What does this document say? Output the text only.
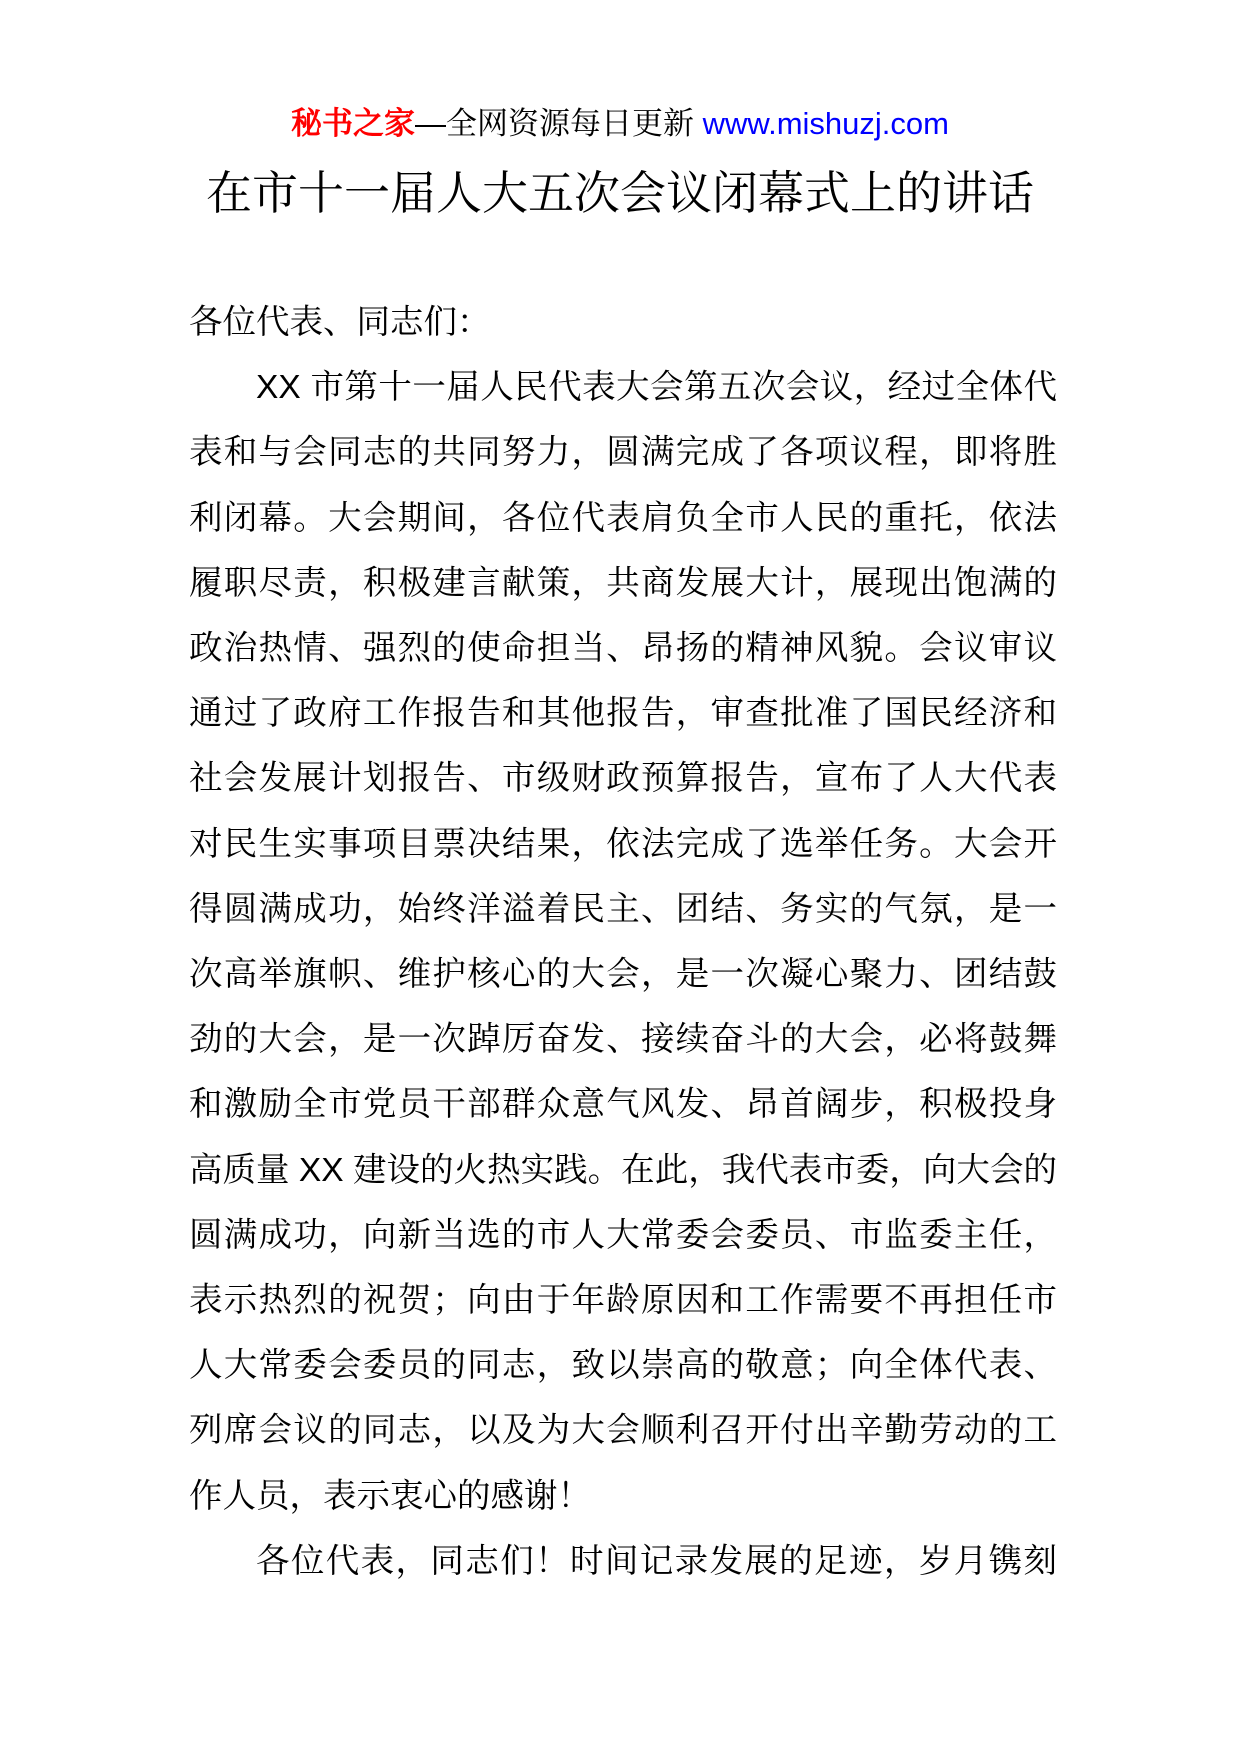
秘书之家—全网资源每日更新 www.mishuzj.com
在市十一届人大五次会议闭幕式上的讲话
各位代表、同志们：
XX 市第十一届人民代表大会第五次会议，经过全体代
表和与会同志的共同努力，圆满完成了各项议程，即将胜
利闭幕。大会期间，各位代表肩负全市人民的重托，依法
履职尽责，积极建言献策，共商发展大计，展现出饱满的
政治热情、强烈的使命担当、昂扬的精神风貌。会议审议
通过了政府工作报告和其他报告，审查批准了国民经济和
社会发展计划报告、市级财政预算报告，宣布了人大代表
对民生实事项目票决结果，依法完成了选举任务。大会开
得圆满成功，始终洋溢着民主、团结、务实的气氛，是一
次高举旗帜、维护核心的大会，是一次凝心聚力、团结鼓
劲的大会，是一次踔厉奋发、接续奋斗的大会，必将鼓舞
和激励全市党员干部群众意气风发、昂首阔步，积极投身
高质量 XX 建设的火热实践。在此，我代表市委，向大会的
圆满成功，向新当选的市人大常委会委员、市监委主任，
表示热烈的祝贺；向由于年龄原因和工作需要不再担任市
人大常委会委员的同志，致以崇高的敬意；向全体代表、
列席会议的同志，以及为大会顺利召开付出辛勤劳动的工
作人员，表示衷心的感谢！
各位代表，同志们！时间记录发展的足迹，岁月镌刻
